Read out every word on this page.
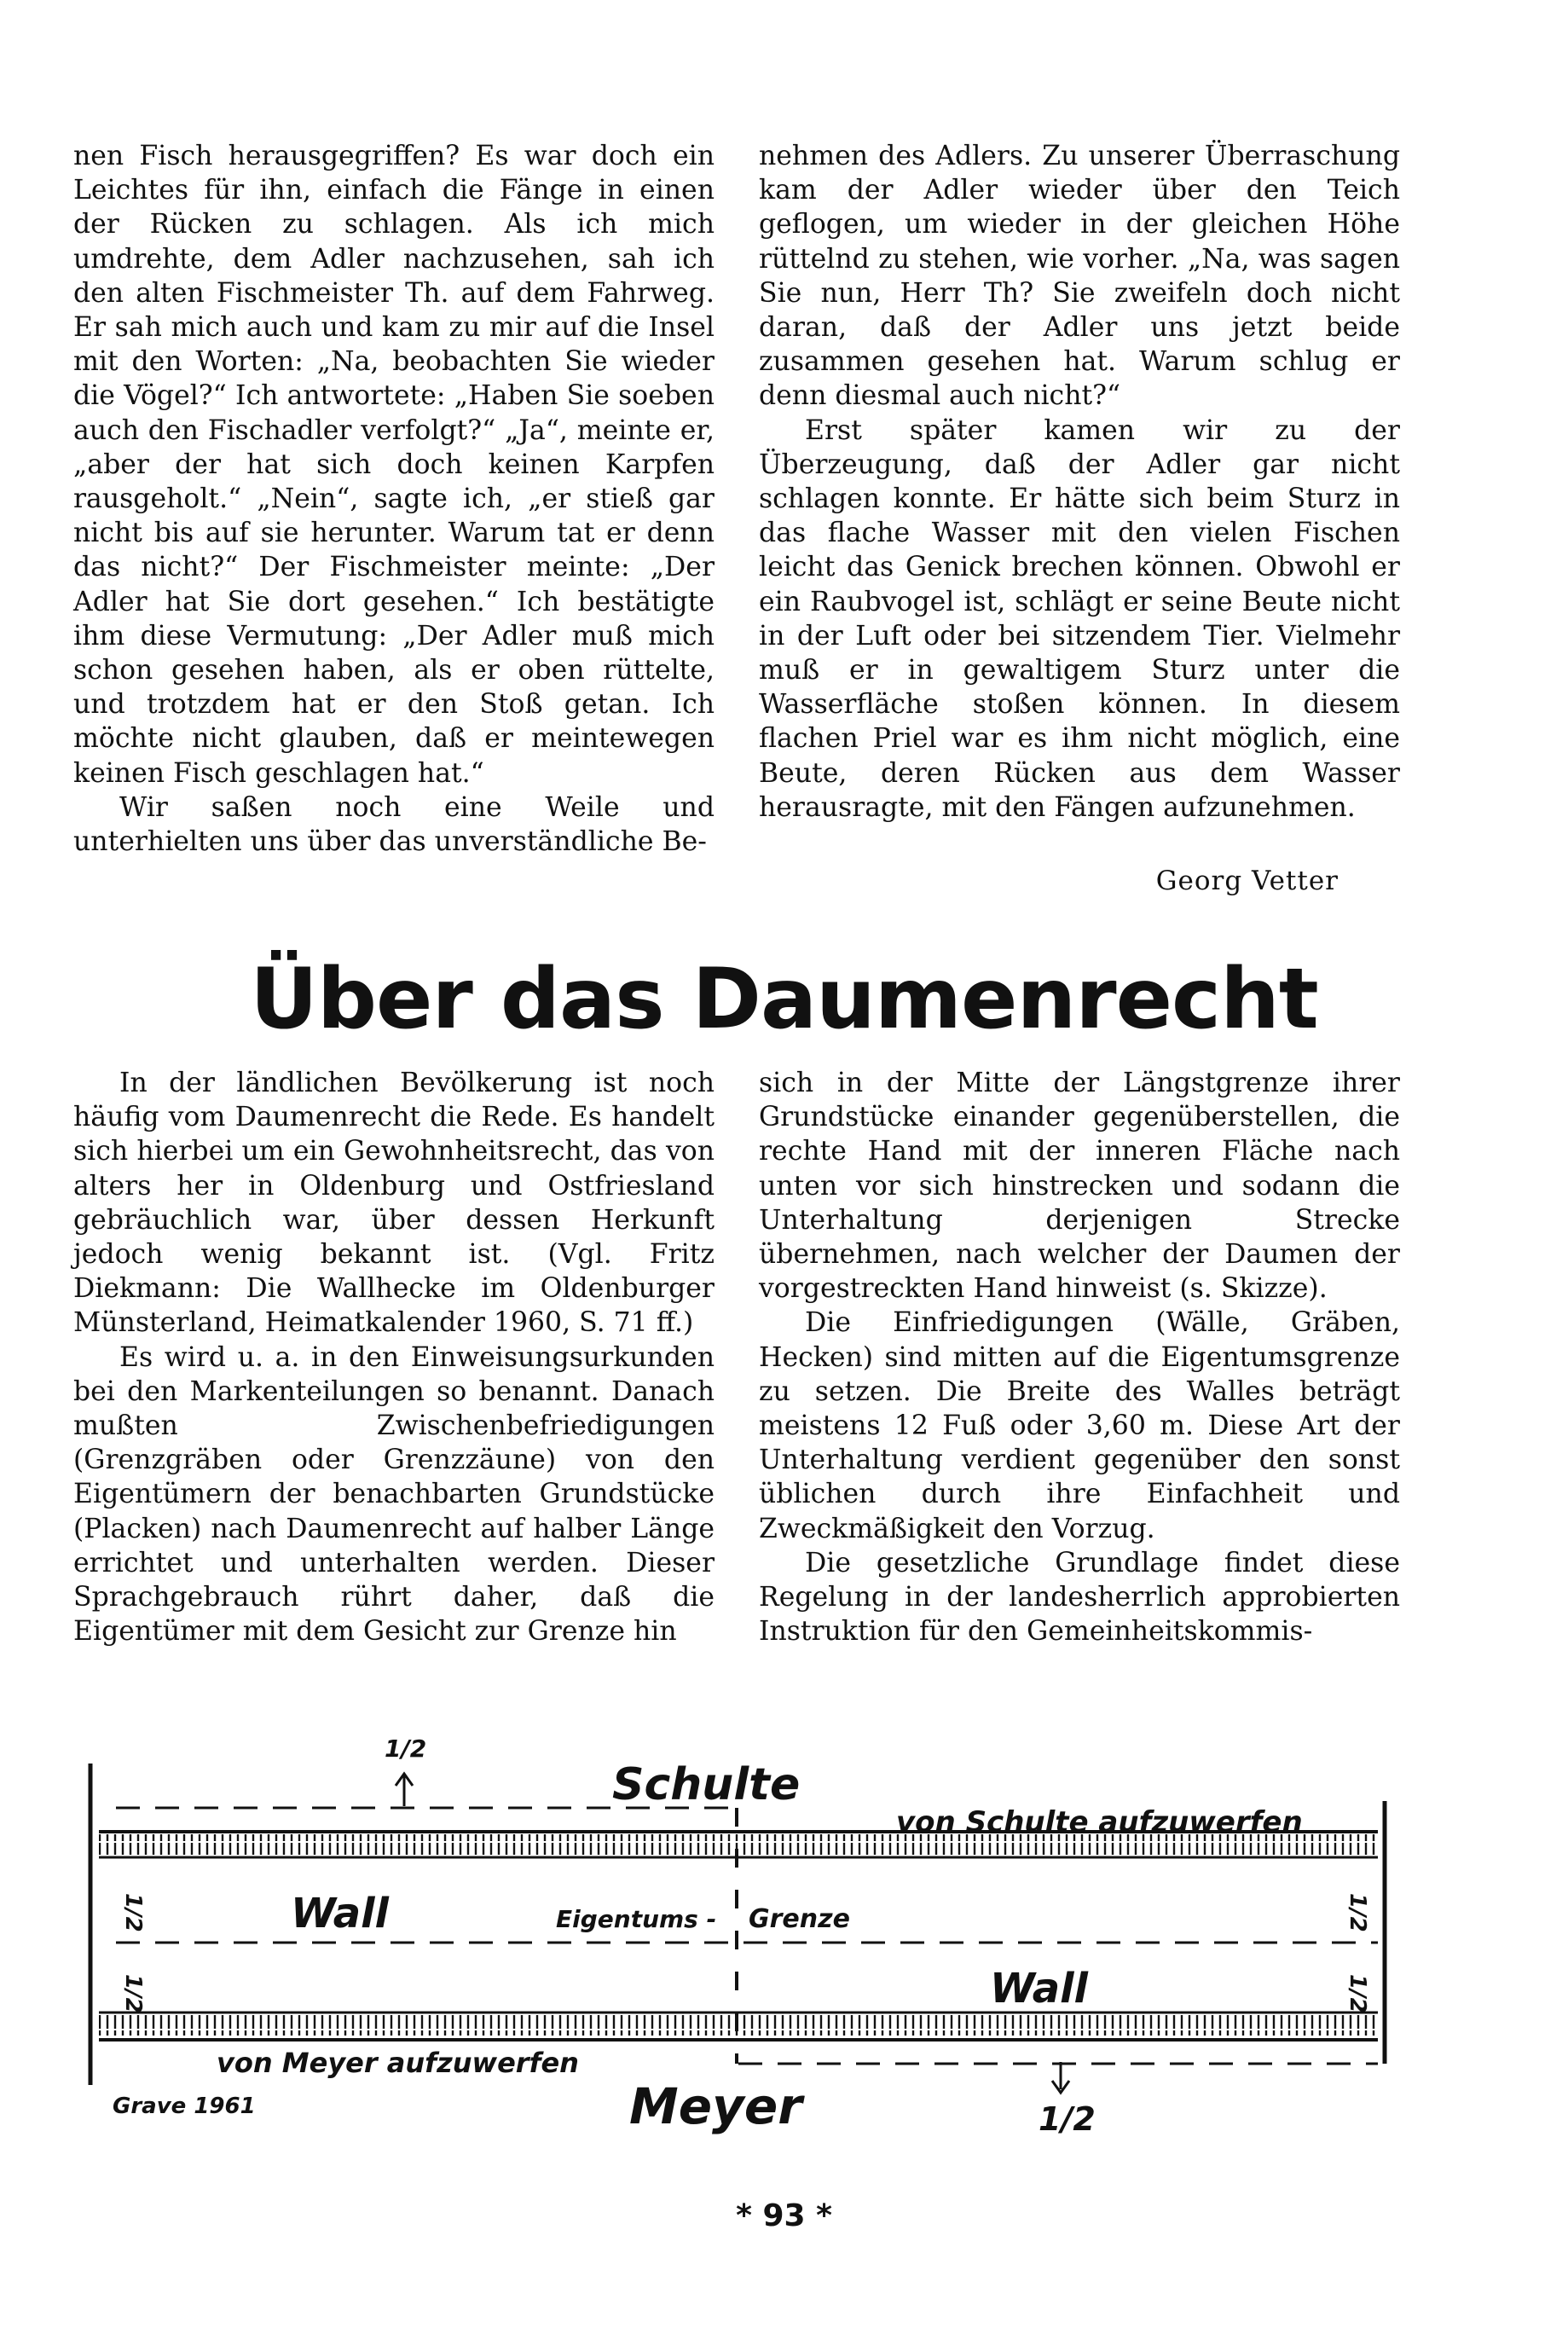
nen Fisch herausgegriffen? Es war doch ein Leichtes für ihn, einfach die Fänge in einen der Rücken zu schlagen. Als ich mich umdrehte, dem Adler nachzusehen, sah ich den alten Fischmeister Th. auf dem Fahrweg. Er sah mich auch und kam zu mir auf die Insel mit den Worten: „Na, beobachten Sie wieder die Vögel?“ Ich antwortete: „Haben Sie soeben auch den Fischadler verfolgt?“ „Ja“, meinte er, „aber der hat sich doch keinen Karpfen rausgeholt.“ „Nein“, sagte ich, „er stieß gar nicht bis auf sie herunter. Warum tat er denn das nicht?“ Der Fischmeister meinte: „Der Adler hat Sie dort gesehen.“ Ich bestätigte ihm diese Vermutung: „Der Adler muß mich schon gesehen haben, als er oben rüttelte, und trotzdem hat er den Stoß getan. Ich möchte nicht glauben, daß er meintewegen keinen Fisch geschlagen hat.“

Wir saßen noch eine Weile und unterhielten uns über das unverständliche Be-

nehmen des Adlers. Zu unserer Überraschung kam der Adler wieder über den Teich geflogen, um wieder in der gleichen Höhe rüttelnd zu stehen, wie vorher. „Na, was sagen Sie nun, Herr Th? Sie zweifeln doch nicht daran, daß der Adler uns jetzt beide zusammen gesehen hat. Warum schlug er denn diesmal auch nicht?“

Erst später kamen wir zu der Überzeugung, daß der Adler gar nicht schlagen konnte. Er hätte sich beim Sturz in das flache Wasser mit den vielen Fischen leicht das Genick brechen können. Obwohl er ein Raubvogel ist, schlägt er seine Beute nicht in der Luft oder bei sitzendem Tier. Vielmehr muß er in gewaltigem Sturz unter die Wasserfläche stoßen können. In diesem flachen Priel war es ihm nicht möglich, eine Beute, deren Rücken aus dem Wasser herausragte, mit den Fängen aufzunehmen.

Georg Vetter
Über das Daumenrecht

In der ländlichen Bevölkerung ist noch häufig vom Daumenrecht die Rede. Es handelt sich hierbei um ein Gewohnheitsrecht, das von alters her in Oldenburg und Ostfriesland gebräuchlich war, über dessen Herkunft jedoch wenig bekannt ist. (Vgl. Fritz Diekmann: Die Wallhecke im Oldenburger Münsterland, Heimatkalender 1960, S. 71 ff.)

Es wird u. a. in den Einweisungsurkunden bei den Markenteilungen so benannt. Danach mußten Zwischenbefriedigungen (Grenzgräben oder Grenzzäune) von den Eigentümern der benachbarten Grundstücke (Placken) nach Daumenrecht auf halber Länge errichtet und unterhalten werden. Dieser Sprachgebrauch rührt daher, daß die Eigentümer mit dem Gesicht zur Grenze hin

sich in der Mitte der Längstgrenze ihrer Grundstücke einander gegenüberstellen, die rechte Hand mit der inneren Fläche nach unten vor sich hinstrecken und sodann die Unterhaltung derjenigen Strecke übernehmen, nach welcher der Daumen der vorgestreckten Hand hinweist (s. Skizze).

Die Einfriedigungen (Wälle, Gräben, Hecken) sind mitten auf die Eigentumsgrenze zu setzen. Die Breite des Walles beträgt meistens 12 Fuß oder 3,60 m. Diese Art der Unterhaltung verdient gegenüber den sonst üblichen durch ihre Einfachheit und Zweckmäßigkeit den Vorzug.

Die gesetzliche Grundlage findet diese Regelung in der landesherrlich approbierten Instruktion für den Gemeinheitskommis-

1/2
1/2
1/2
1/2
1/2
Schulte
von Schulte aufzuwerfen
Wall	Eigentums - Grenze
Wall
von Meyer aufzuwerfen
Meyer	1/2
Grave 1961
* 93 *
